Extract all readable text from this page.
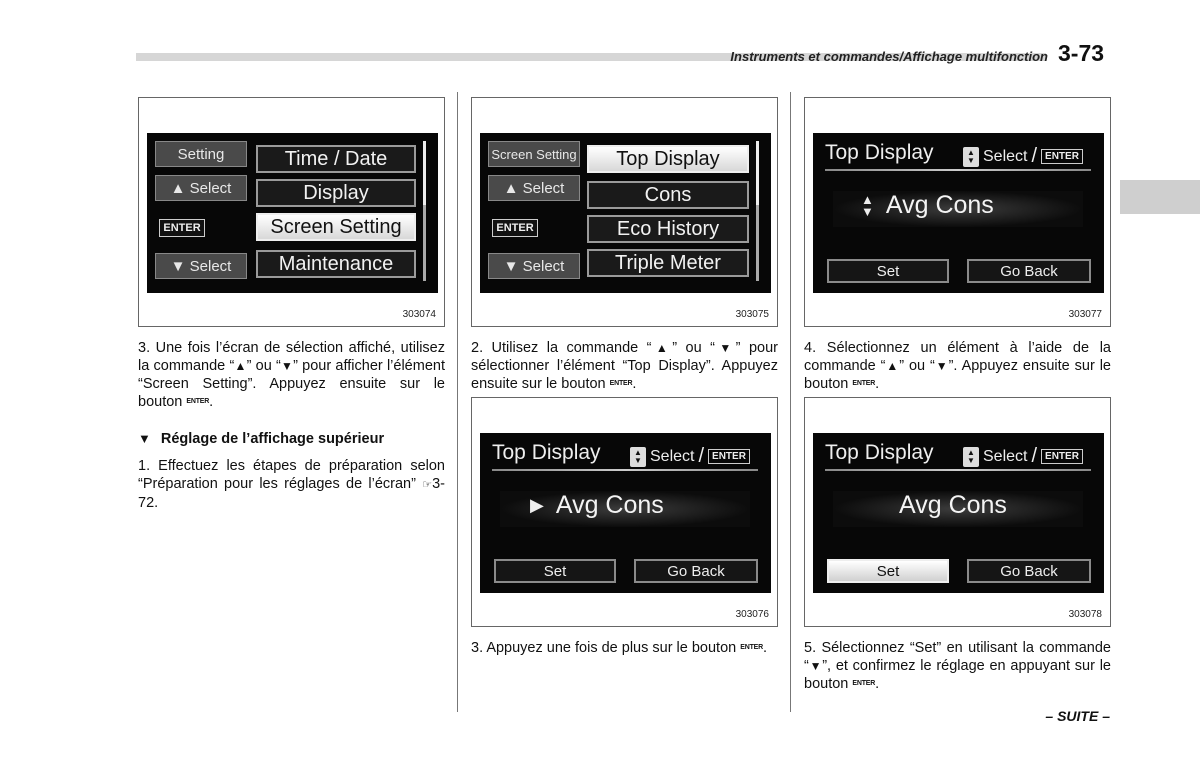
Instruments et commandes/Affichage multifonction 3-73
Setting
▲ Select
ENTER
▼ Select
Time / Date
Display
Screen Setting
Maintenance
303074
Screen Setting
▲ Select
ENTER
▼ Select
Top Display
Cons
Eco History
Triple Meter
303075
Top Display	▲
▼ Select / ENTER
▲
▼ Avg Cons
Set	Go Back
303077
Top Display	▲
▼ Select / ENTER
▶ Avg Cons
Set	Go Back
303076
Top Display	▲
▼ Select / ENTER
Avg Cons
Set	Go Back
303078
3. Une fois l’écran de sélection affiché, utilisez la commande “▲” ou “▼” pour afficher l’élément “Screen Setting”. Appuyez ensuite sur le bouton ENTER.
▼ Réglage de l’affichage supérieur
1. Effectuez les étapes de préparation selon “Préparation pour les réglages de l’écran” ☞3-72.
2. Utilisez la commande “▲” ou “▼” pour sélectionner l’élément “Top Display”. Appuyez ensuite sur le bouton ENTER.
3. Appuyez une fois de plus sur le bouton ENTER.
4. Sélectionnez un élément à l’aide de la commande “▲” ou “▼”. Appuyez ensuite sur le bouton ENTER.
5. Sélectionnez “Set” en utilisant la commande “▼”, et confirmez le réglage en appuyant sur le bouton ENTER.
– SUITE –
